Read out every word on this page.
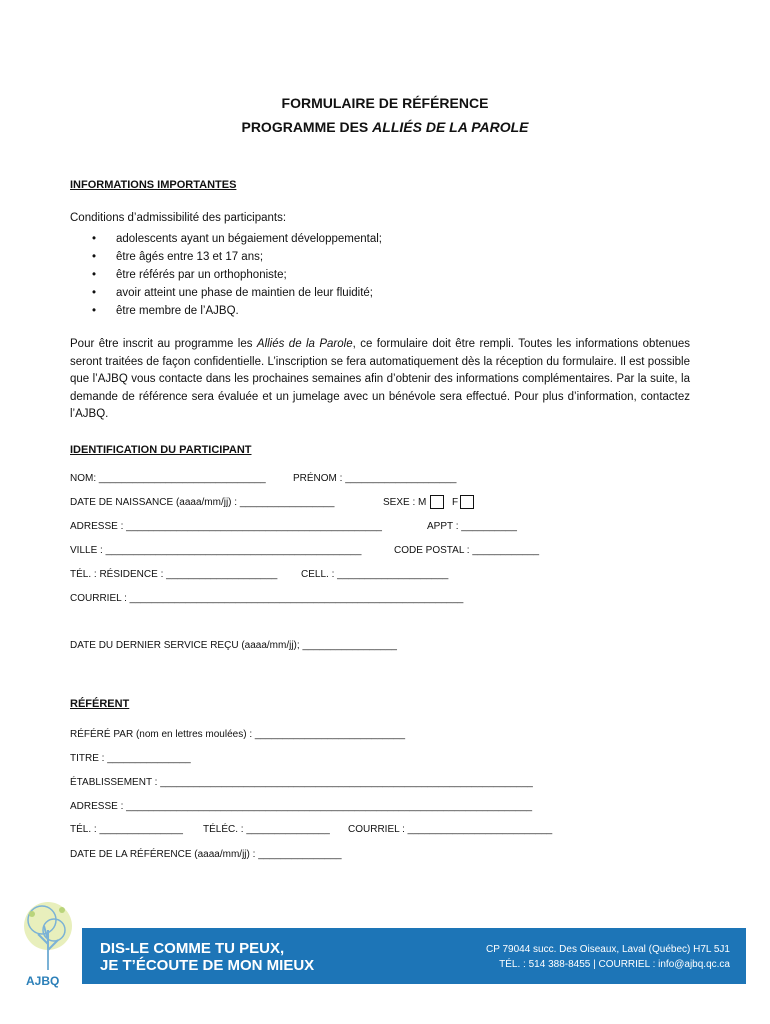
FORMULAIRE DE RÉFÉRENCE
PROGRAMME DES ALLIÉS DE LA PAROLE
INFORMATIONS IMPORTANTES
Conditions d’admissibilité des participants:
• adolescents ayant un bégaiement développemental;
• être âgés entre 13 et 17 ans;
• être référés par un orthophoniste;
• avoir atteint une phase de maintien de leur fluidité;
• être membre de l’AJBQ.
Pour être inscrit au programme les Alliés de la Parole, ce formulaire doit être rempli. Toutes les informations obtenues seront traitées de façon confidentielle. L’inscription se fera automatiquement dès la réception du formulaire. Il est possible que l’AJBQ vous contacte dans les prochaines semaines afin d’obtenir des informations complémentaires. Par la suite, la demande de référence sera évaluée et un jumelage avec un bénévole sera effectué. Pour plus d’information, contactez l’AJBQ.
IDENTIFICATION DU PARTICIPANT
NOM: ______________________________	PRÉNOM : ____________________
DATE DE NAISSANCE (aaaa/mm/jj) : _________________	SEXE : M	F
ADRESSE : ______________________________________________	APPT : __________
VILLE : ______________________________________________	CODE POSTAL : ____________
TÉL. : RÉSIDENCE : ____________________ CELL. : ____________________
COURRIEL : ____________________________________________________________
DATE DU DERNIER SERVICE REÇU (aaaa/mm/jj); _________________
RÉFÉRENT
RÉFÉRÉ PAR (nom en lettres moulées) : ___________________________
TITRE : _______________
ÉTABLISSEMENT : ___________________________________________________________________
ADRESSE : _________________________________________________________________________
TÉL. : _______________ TÉLÉC. : _______________ COURRIEL : __________________________
DATE DE LA RÉFÉRENCE (aaaa/mm/jj) : _______________
AJBQ
DIS-LE COMME TU PEUX,
JE T’ÉCOUTE DE MON MIEUX
CP 79044 succ. Des Oiseaux, Laval (Québec) H7L 5J1
TÉL. : 514 388-8455 | COURRIEL : info@ajbq.qc.ca
